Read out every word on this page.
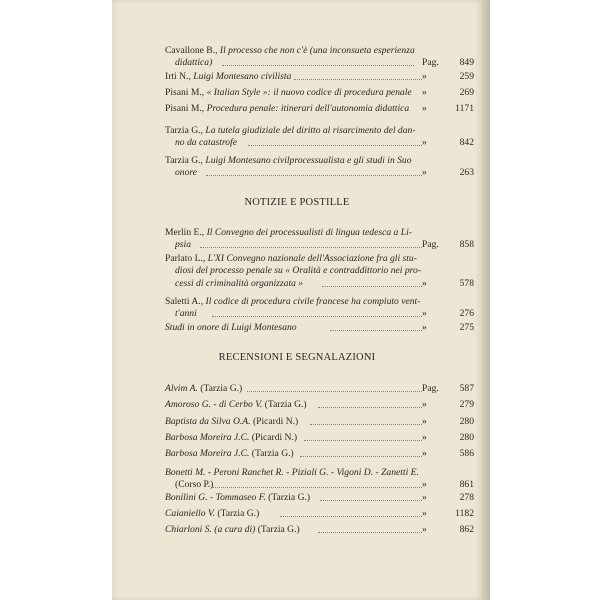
Cavallone B., Il processo che non c'è (una inconsueta esperienza
didattica)	Pag. 849
Irti N., Luigi Montesano civilista	»	259
Pisani M., « Italian Style »: il nuovo codice di procedura penale »	269
Pisani M., Procedura penale: itinerari dell'autonomia didattica »	1171
Tarzia G., La tutela giudiziale del diritto al risarcimento del dan-
no da catastrofe	»	842
Tarzia G., Luigi Montesano civilprocessualista e gli studi in Suo
onore	»	263
NOTIZIE E POSTILLE
Merlin E., Il Convegno dei processualisti di lingua tedesca a Li-
psia	Pag. 858
Parlato L., L'XI Convegno nazionale dell'Associazione fra gli stu-
diosi del processo penale su « Oralità e contraddittorio nei pro-
cessi di criminalità organizzata »	»	578
Saletti A., Il codice di procedura civile francese ha compiuto vent-
t'anni	»	276
Studi in onore di Luigi Montesano	»	275
RECENSIONI E SEGNALAZIONI
Alvim A. (Tarzia G.)	Pag. 587
Amoroso G. - di Cerbo V. (Tarzia G.)	»	279
Baptista da Silva O.A. (Picardi N.)	»	280
Barbosa Moreira J.C. (Picardi N.)	»	280
Barbosa Moreira J.C. (Tarzia G.)	»	586
Bonetti M. - Peroni Ranchet R. - Piziali G. - Vigoni D. - Zanetti E.
(Corso P.)	»	861
Bonilini G. - Tommaseo F. (Tarzia G.)	»	278
Caianiello V. (Tarzia G.)	»	1182
Chiarloni S. (a cura di) (Tarzia G.)	»	862
